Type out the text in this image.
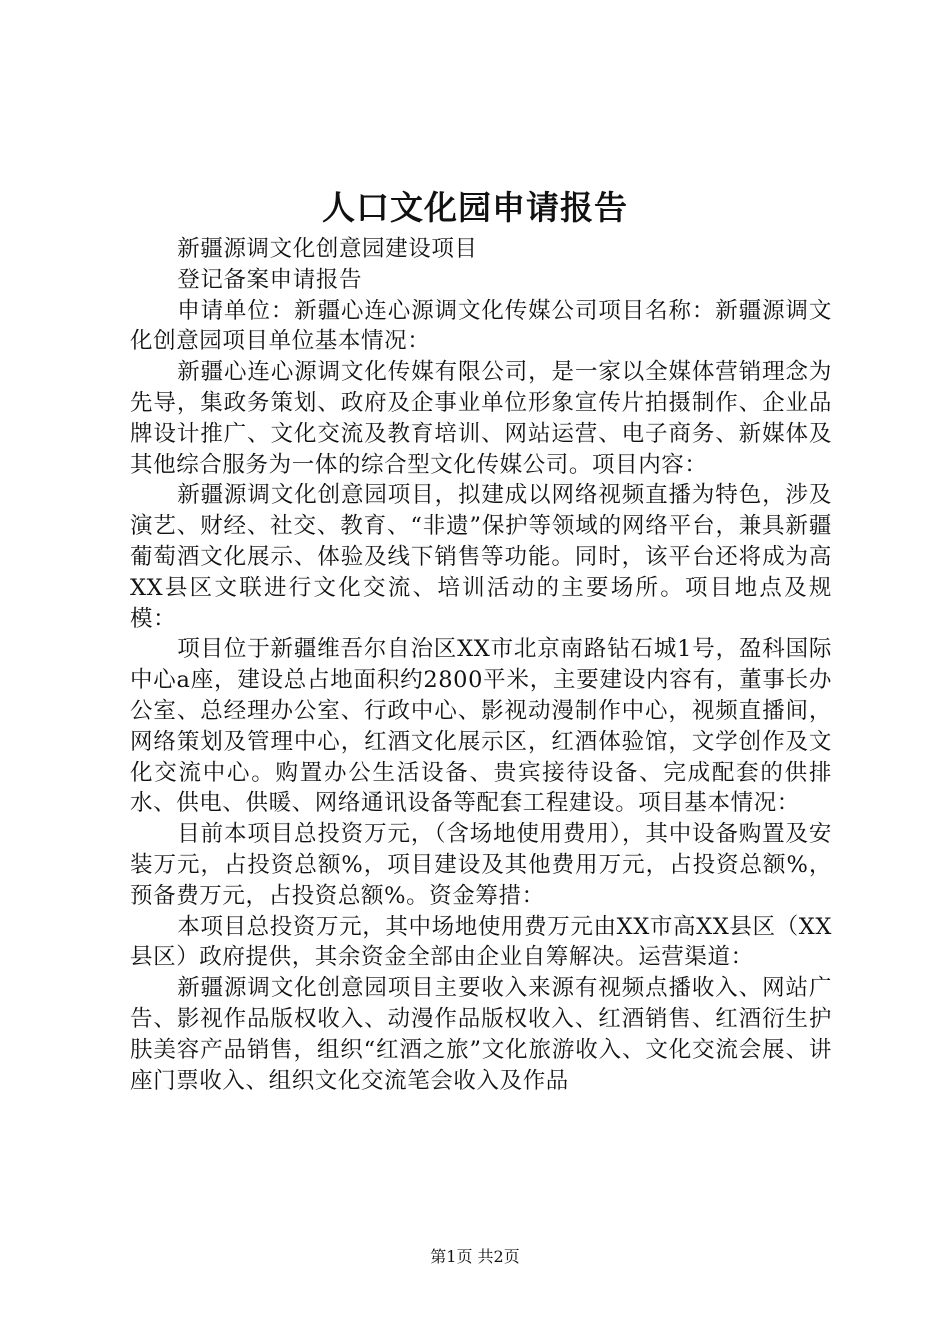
人口文化园申请报告

新疆源调文化创意园建设项目

登记备案申请报告

申请单位：新疆心连心源调文化传媒公司项目名称：新疆源调文化创意园项目单位基本情况：

新疆心连心源调文化传媒有限公司，是一家以全媒体营销理念为先导，集政务策划、政府及企事业单位形象宣传片拍摄制作、企业品牌设计推广、文化交流及教育培训、网站运营、电子商务、新媒体及其他综合服务为一体的综合型文化传媒公司。项目内容：

新疆源调文化创意园项目，拟建成以网络视频直播为特色，涉及演艺、财经、社交、教育、“非遗”保护等领域的网络平台，兼具新疆葡萄酒文化展示、体验及线下销售等功能。同时，该平台还将成为高XX县区文联进行文化交流、培训活动的主要场所。项目地点及规模：

项目位于新疆维吾尔自治区XX市北京南路钻石城1号，盈科国际中心a座，建设总占地面积约2800平米，主要建设内容有，董事长办公室、总经理办公室、行政中心、影视动漫制作中心，视频直播间，网络策划及管理中心，红酒文化展示区，红酒体验馆，文学创作及文化交流中心。购置办公生活设备、贵宾接待设备、完成配套的供排水、供电、供暖、网络通讯设备等配套工程建设。项目基本情况：

目前本项目总投资万元，（含场地使用费用），其中设备购置及安装万元，占投资总额%，项目建设及其他费用万元，占投资总额%，预备费万元，占投资总额%。资金筹措：

本项目总投资万元，其中场地使用费万元由XX市高XX县区（XX县区）政府提供，其余资金全部由企业自筹解决。运营渠道：

新疆源调文化创意园项目主要收入来源有视频点播收入、网站广告、影视作品版权收入、动漫作品版权收入、红酒销售、红酒衍生护肤美容产品销售，组织“红酒之旅”文化旅游收入、文化交流会展、讲座门票收入、组织文化交流笔会收入及作品

第1页 共2页
